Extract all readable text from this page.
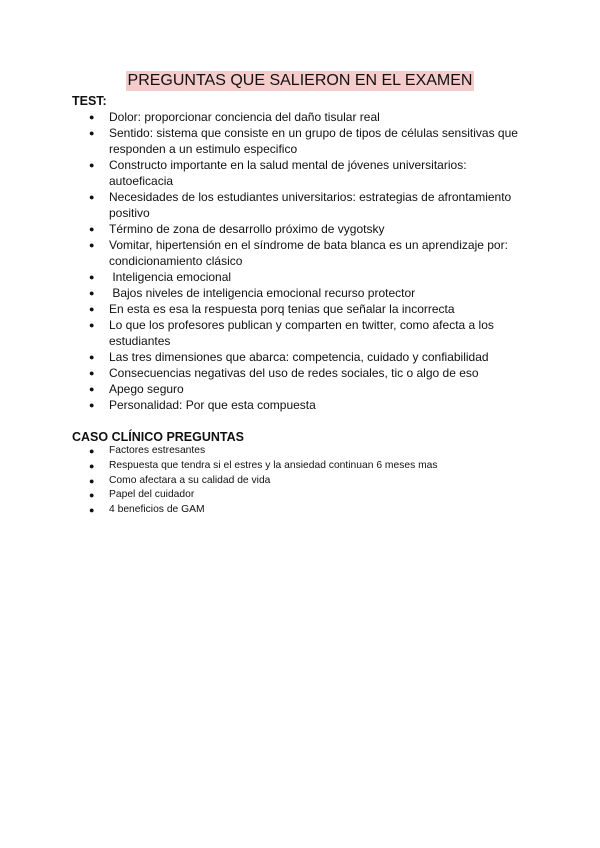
PREGUNTAS QUE SALIERON EN EL EXAMEN
TEST:
● Dolor: proporcionar conciencia del daño tisular real
● Sentido: sistema que consiste en un grupo de tipos de células sensitivas que responden a un estimulo especifico
● Constructo importante en la salud mental de jóvenes universitarios: autoeficacia
● Necesidades de los estudiantes universitarios: estrategias de afrontamiento positivo
● Término de zona de desarrollo próximo de vygotsky
● Vomitar, hipertensión en el síndrome de bata blanca es un aprendizaje por: condicionamiento clásico
● Inteligencia emocional
● Bajos niveles de inteligencia emocional recurso protector
● En esta es esa la respuesta porq tenias que señalar la incorrecta
● Lo que los profesores publican y comparten en twitter, como afecta a los estudiantes
● Las tres dimensiones que abarca: competencia, cuidado y confiabilidad
● Consecuencias negativas del uso de redes sociales, tic o algo de eso
● Apego seguro
● Personalidad: Por que esta compuesta
CASO CLÍNICO PREGUNTAS
● Factores estresantes
● Respuesta que tendra si el estres y la ansiedad continuan 6 meses mas
● Como afectara a su calidad de vida
● Papel del cuidador
● 4 beneficios de GAM
